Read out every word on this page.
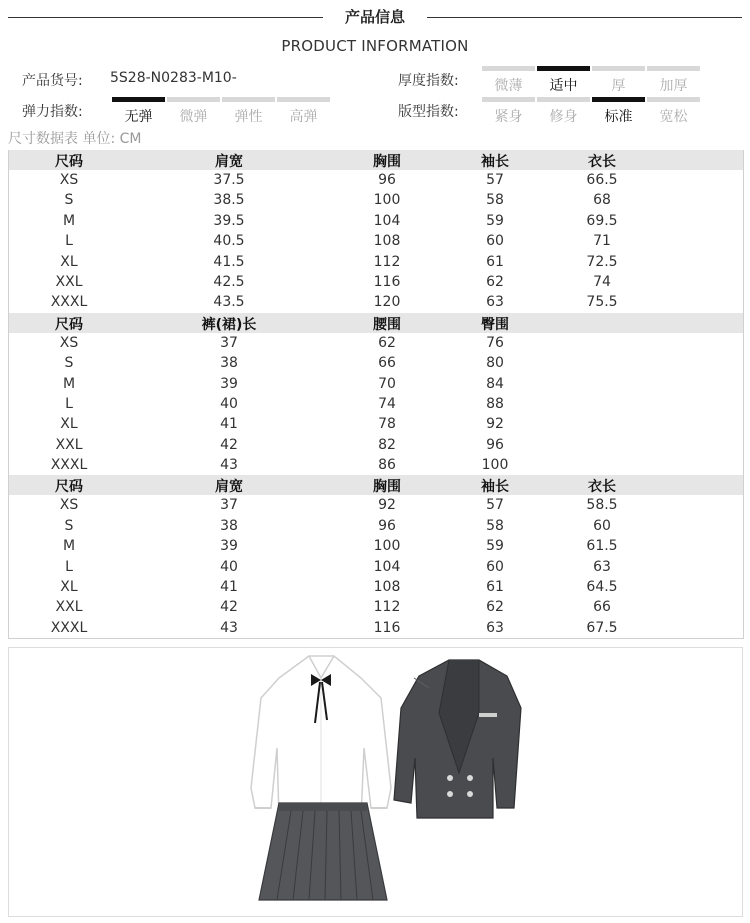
产品信息
PRODUCT INFORMATION
产品货号: 5S28-N0283-M10-	厚度指数:	微薄	适中	厚	加厚
弹力指数:	无弹	微弹	弹性	高弹	版型指数:	紧身	修身	标准	宽松
尺寸数据表 单位: CM
尺码	肩宽	胸围	袖长	衣长
XS	37.5	96	57	66.5
S	38.5	100	58	68
M	39.5	104	59	69.5
L	40.5	108	60	71
XL	41.5	112	61	72.5
XXL	42.5	116	62	74
XXXL	43.5	120	63	75.5
尺码	裤(裙)长	腰围	臀围
XS	37	62	76
S	38	66	80
M	39	70	84
L	40	74	88
XL	41	78	92
XXL	42	82	96
XXXL	43	86	100
尺码	肩宽	胸围	袖长	衣长
XS	37	92	57	58.5
S	38	96	58	60
M	39	100	59	61.5
L	40	104	60	63
XL	41	108	61	64.5
XXL	42	112	62	66
XXXL	43	116	63	67.5
